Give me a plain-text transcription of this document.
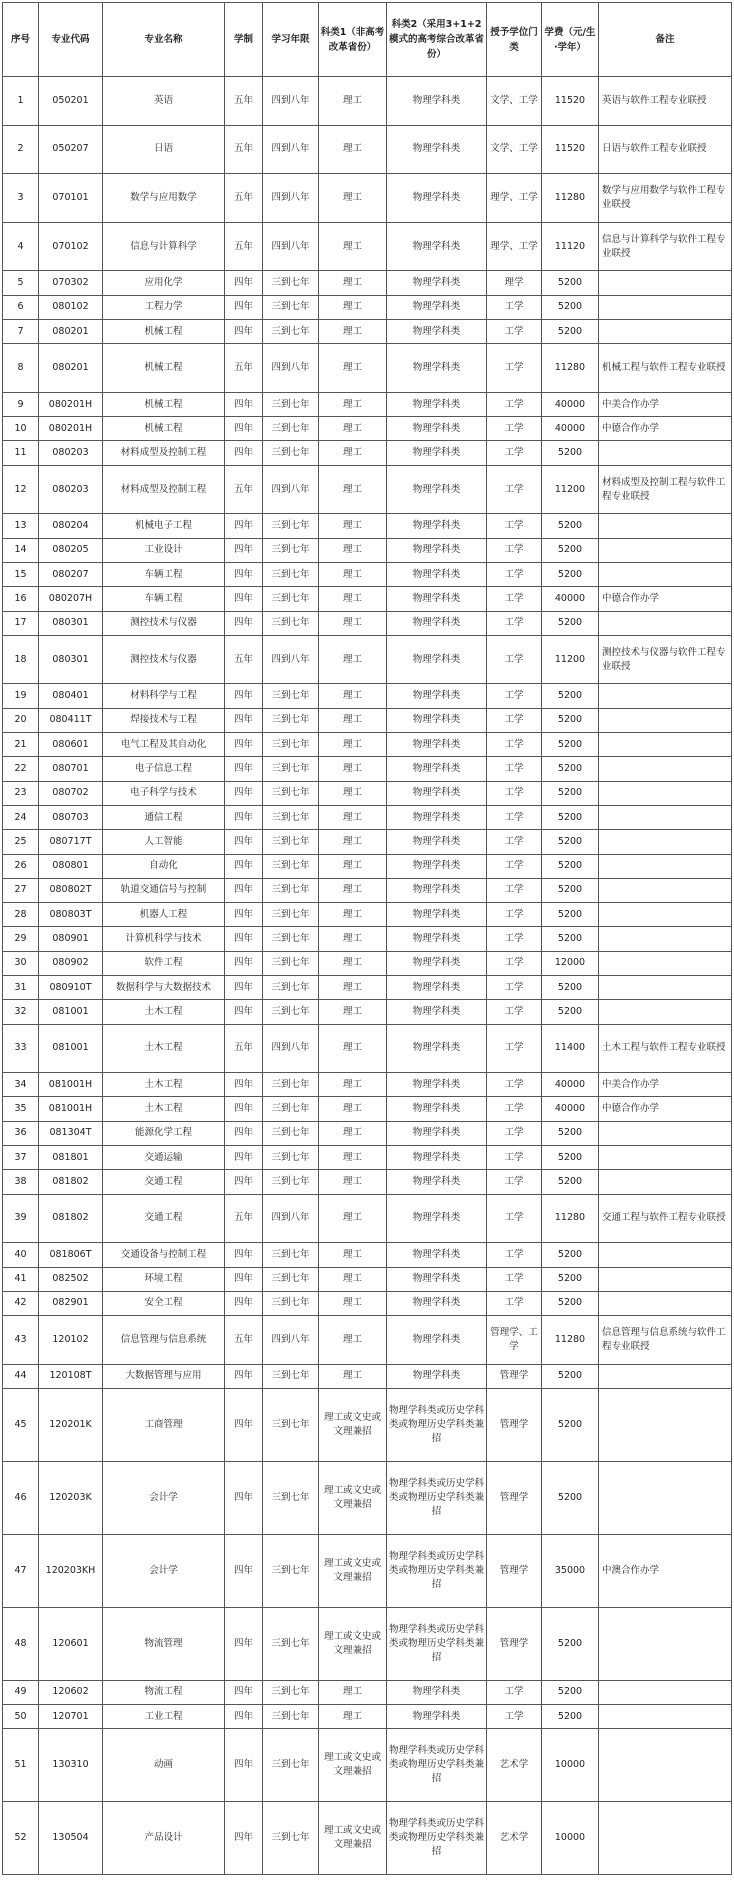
序号	专业代码	专业名称	学制	学习年限	科类1（非高考改革省份）	科类2（采用3+1+2模式的高考综合改革省份）	授予学位门类	学费（元/生·学年）	备注
1	050201	英语	五年	四到八年	理工	物理学科类	文学、工学	11520	英语与软件工程专业联授
2	050207	日语	五年	四到八年	理工	物理学科类	文学、工学	11520	日语与软件工程专业联授
3	070101	数学与应用数学	五年	四到八年	理工	物理学科类	理学、工学	11280	数学与应用数学与软件工程专业联授
4	070102	信息与计算科学	五年	四到八年	理工	物理学科类	理学、工学	11120	信息与计算科学与软件工程专业联授
5	070302	应用化学	四年	三到七年	理工	物理学科类	理学	5200	
6	080102	工程力学	四年	三到七年	理工	物理学科类	工学	5200	
7	080201	机械工程	四年	三到七年	理工	物理学科类	工学	5200	
8	080201	机械工程	五年	四到八年	理工	物理学科类	工学	11280	机械工程与软件工程专业联授
9	080201H	机械工程	四年	三到七年	理工	物理学科类	工学	40000	中美合作办学
10	080201H	机械工程	四年	三到七年	理工	物理学科类	工学	40000	中德合作办学
11	080203	材料成型及控制工程	四年	三到七年	理工	物理学科类	工学	5200	
12	080203	材料成型及控制工程	五年	四到八年	理工	物理学科类	工学	11200	材料成型及控制工程与软件工程专业联授
13	080204	机械电子工程	四年	三到七年	理工	物理学科类	工学	5200	
14	080205	工业设计	四年	三到七年	理工	物理学科类	工学	5200	
15	080207	车辆工程	四年	三到七年	理工	物理学科类	工学	5200	
16	080207H	车辆工程	四年	三到七年	理工	物理学科类	工学	40000	中德合作办学
17	080301	测控技术与仪器	四年	三到七年	理工	物理学科类	工学	5200	
18	080301	测控技术与仪器	五年	四到八年	理工	物理学科类	工学	11200	测控技术与仪器与软件工程专业联授
19	080401	材料科学与工程	四年	三到七年	理工	物理学科类	工学	5200	
20	080411T	焊接技术与工程	四年	三到七年	理工	物理学科类	工学	5200	
21	080601	电气工程及其自动化	四年	三到七年	理工	物理学科类	工学	5200	
22	080701	电子信息工程	四年	三到七年	理工	物理学科类	工学	5200	
23	080702	电子科学与技术	四年	三到七年	理工	物理学科类	工学	5200	
24	080703	通信工程	四年	三到七年	理工	物理学科类	工学	5200	
25	080717T	人工智能	四年	三到七年	理工	物理学科类	工学	5200	
26	080801	自动化	四年	三到七年	理工	物理学科类	工学	5200	
27	080802T	轨道交通信号与控制	四年	三到七年	理工	物理学科类	工学	5200	
28	080803T	机器人工程	四年	三到七年	理工	物理学科类	工学	5200	
29	080901	计算机科学与技术	四年	三到七年	理工	物理学科类	工学	5200	
30	080902	软件工程	四年	三到七年	理工	物理学科类	工学	12000	
31	080910T	数据科学与大数据技术	四年	三到七年	理工	物理学科类	工学	5200	
32	081001	土木工程	四年	三到七年	理工	物理学科类	工学	5200	
33	081001	土木工程	五年	四到八年	理工	物理学科类	工学	11400	土木工程与软件工程专业联授
34	081001H	土木工程	四年	三到七年	理工	物理学科类	工学	40000	中美合作办学
35	081001H	土木工程	四年	三到七年	理工	物理学科类	工学	40000	中德合作办学
36	081304T	能源化学工程	四年	三到七年	理工	物理学科类	工学	5200	
37	081801	交通运输	四年	三到七年	理工	物理学科类	工学	5200	
38	081802	交通工程	四年	三到七年	理工	物理学科类	工学	5200	
39	081802	交通工程	五年	四到八年	理工	物理学科类	工学	11280	交通工程与软件工程专业联授
40	081806T	交通设备与控制工程	四年	三到七年	理工	物理学科类	工学	5200	
41	082502	环境工程	四年	三到七年	理工	物理学科类	工学	5200	
42	082901	安全工程	四年	三到七年	理工	物理学科类	工学	5200	
43	120102	信息管理与信息系统	五年	四到八年	理工	物理学科类	管理学、工学	11280	信息管理与信息系统与软件工程专业联授
44	120108T	大数据管理与应用	四年	三到七年	理工	物理学科类	管理学	5200	
45	120201K	工商管理	四年	三到七年	理工或文史或文理兼招	物理学科类或历史学科类或物理历史学科类兼招	管理学	5200	
46	120203K	会计学	四年	三到七年	理工或文史或文理兼招	物理学科类或历史学科类或物理历史学科类兼招	管理学	5200	
47	120203KH	会计学	四年	三到七年	理工或文史或文理兼招	物理学科类或历史学科类或物理历史学科类兼招	管理学	35000	中澳合作办学
48	120601	物流管理	四年	三到七年	理工或文史或文理兼招	物理学科类或历史学科类或物理历史学科类兼招	管理学	5200	
49	120602	物流工程	四年	三到七年	理工	物理学科类	工学	5200	
50	120701	工业工程	四年	三到七年	理工	物理学科类	工学	5200	
51	130310	动画	四年	三到七年	理工或文史或文理兼招	物理学科类或历史学科类或物理历史学科类兼招	艺术学	10000	
52	130504	产品设计	四年	三到七年	理工或文史或文理兼招	物理学科类或历史学科类或物理历史学科类兼招	艺术学	10000	
